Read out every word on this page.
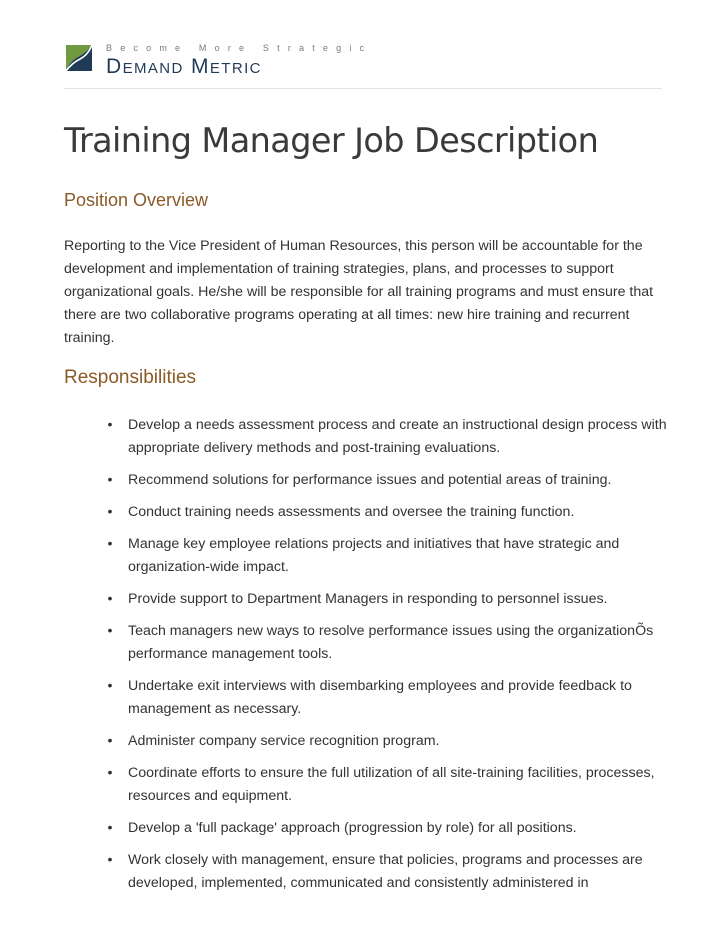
Become More Strategic
Demand Metric
Training Manager Job Description
Position Overview

Reporting to the Vice President of Human Resources, this person will be accountable for the development and implementation of training strategies, plans, and processes to support organizational goals. He/she will be responsible for all training programs and must ensure that there are two collaborative programs operating at all times: new hire training and recurrent training.

Responsibilities
• Develop a needs assessment process and create an instructional design process with appropriate delivery methods and post-training evaluations.
• Recommend solutions for performance issues and potential areas of training.
• Conduct training needs assessments and oversee the training function.
• Manage key employee relations projects and initiatives that have strategic and organization-wide impact.
• Provide support to Department Managers in responding to personnel issues.
• Teach managers new ways to resolve performance issues using the organizationÕs performance management tools.
• Undertake exit interviews with disembarking employees and provide feedback to management as necessary.
• Administer company service recognition program.
• Coordinate efforts to ensure the full utilization of all site-training facilities, processes, resources and equipment.
• Develop a 'full package' approach (progression by role) for all positions.
• Work closely with management, ensure that policies, programs and processes are developed, implemented, communicated and consistently administered in
